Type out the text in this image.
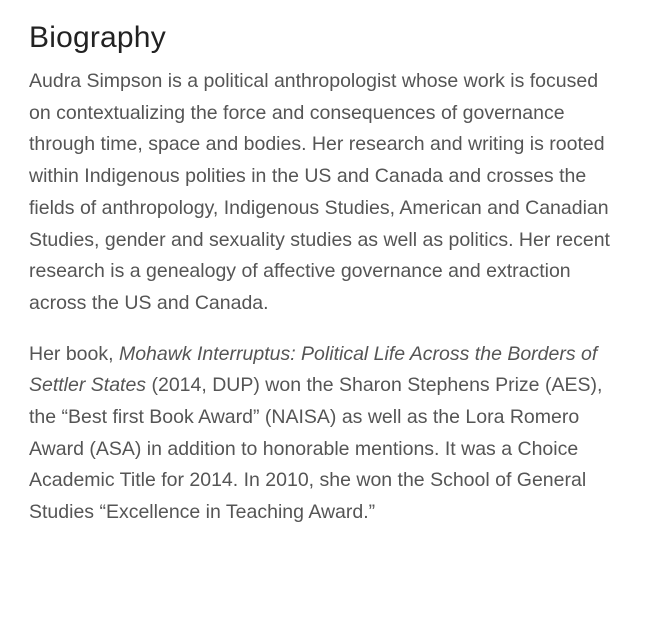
Biography

Audra Simpson is a political anthropologist whose work is focused on contextualizing the force and consequences of governance through time, space and bodies. Her research and writing is rooted within Indigenous polities in the US and Canada and crosses the fields of anthropology, Indigenous Studies, American and Canadian Studies, gender and sexuality studies as well as politics. Her recent research is a genealogy of affective governance and extraction across the US and Canada.

Her book, Mohawk Interruptus: Political Life Across the Borders of Settler States (2014, DUP) won the Sharon Stephens Prize (AES), the “Best first Book Award” (NAISA) as well as the Lora Romero Award (ASA) in addition to honorable mentions. It was a Choice Academic Title for 2014. In 2010, she won the School of General Studies “Excellence in Teaching Award.”
